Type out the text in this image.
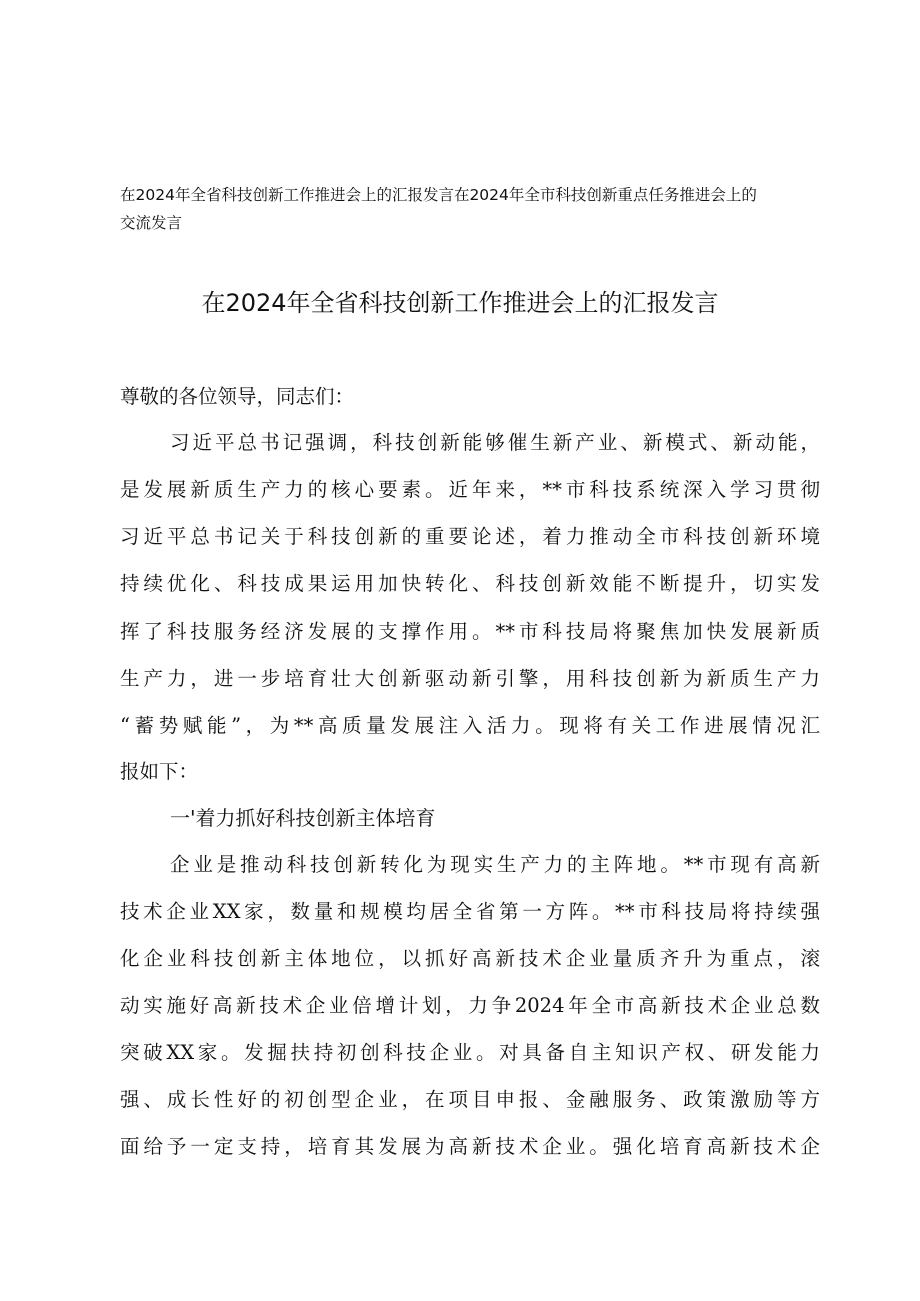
在2024年全省科技创新工作推进会上的汇报发言在2024年全市科技创新重点任务推进会上的
交流发言
在2024年全省科技创新工作推进会上的汇报发言
尊敬的各位领导，同志们：
习近平总书记强调，科技创新能够催生新产业、新模式、新动能，
是发展新质生产力的核心要素。近年来，**市科技系统深入学习贯彻
习近平总书记关于科技创新的重要论述，着力推动全市科技创新环境
持续优化、科技成果运用加快转化、科技创新效能不断提升，切实发
挥了科技服务经济发展的支撑作用。**市科技局将聚焦加快发展新质
生产力，进一步培育壮大创新驱动新引擎，用科技创新为新质生产力
“蓄势赋能”，为**高质量发展注入活力。现将有关工作进展情况汇
报如下：
一'着力抓好科技创新主体培育
企业是推动科技创新转化为现实生产力的主阵地。**市现有高新
技术企业XX家，数量和规模均居全省第一方阵。**市科技局将持续强
化企业科技创新主体地位，以抓好高新技术企业量质齐升为重点，滚
动实施好高新技术企业倍增计划，力争2024年全市高新技术企业总数
突破XX家。发掘扶持初创科技企业。对具备自主知识产权、研发能力
强、成长性好的初创型企业，在项目申报、金融服务、政策激励等方
面给予一定支持，培育其发展为高新技术企业。强化培育高新技术企
